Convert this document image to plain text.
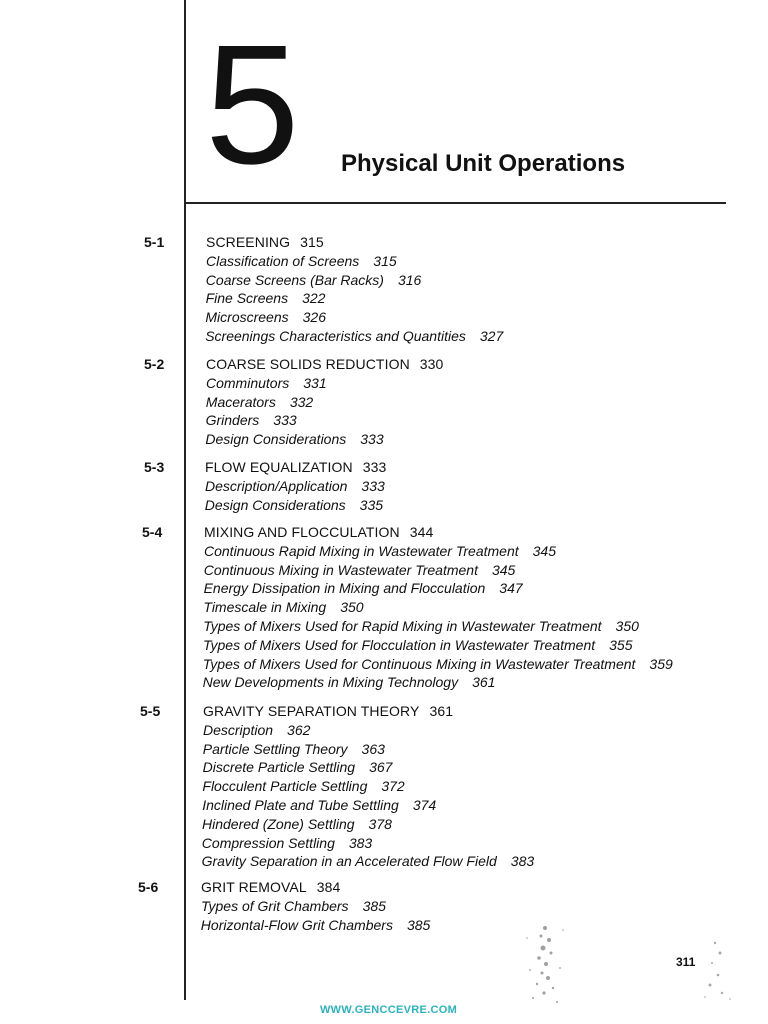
5 Physical Unit Operations
5-1	SCREENING 315
Classification of Screens 315
Coarse Screens (Bar Racks) 316
Fine Screens 322
Microscreens 326
Screenings Characteristics and Quantities 327
5-2	COARSE SOLIDS REDUCTION 330
Comminutors 331
Macerators 332
Grinders 333
Design Considerations 333
5-3	FLOW EQUALIZATION 333
Description/Application 333
Design Considerations 335
5-4	MIXING AND FLOCCULATION 344
Continuous Rapid Mixing in Wastewater Treatment 345
Continuous Mixing in Wastewater Treatment 345
Energy Dissipation in Mixing and Flocculation 347
Timescale in Mixing 350
Types of Mixers Used for Rapid Mixing in Wastewater Treatment 350
Types of Mixers Used for Flocculation in Wastewater Treatment 355
Types of Mixers Used for Continuous Mixing in Wastewater Treatment 359
New Developments in Mixing Technology 361
5-5	GRAVITY SEPARATION THEORY 361
Description 362
Particle Settling Theory 363
Discrete Particle Settling 367
Flocculent Particle Settling 372
Inclined Plate and Tube Settling 374
Hindered (Zone) Settling 378
Compression Settling 383
Gravity Separation in an Accelerated Flow Field 383
5-6	GRIT REMOVAL 384
Types of Grit Chambers 385
Horizontal-Flow Grit Chambers 385
311
WWW.GENCCEVRE.COM
